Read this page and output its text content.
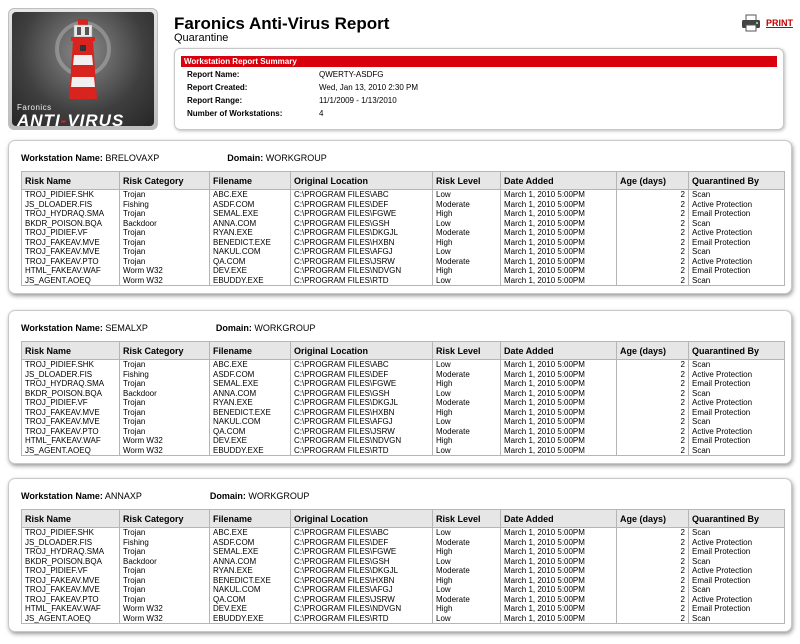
Faronics
ANTI-VIRUS
Faronics Anti-Virus Report
Quarantine
PRINT
Workstation Report Summary
Report Name:	QWERTY-ASDFG
Report Created:	Wed, Jan 13, 2010 2:30 PM
Report Range:	11/1/2009 - 1/13/2010
Number of Workstations:	4
Workstation Name: BRELOVAXP	Domain: WORKGROUP
Risk Name	Risk Category	Filename	Original Location	Risk Level	Date Added	Age (days)	Quarantined By
TROJ_PIDIEF.SHK	Trojan	ABC.EXE	C:\PROGRAM FILES\ABC	Low	March 1, 2010 5:00PM	2	Scan
JS_DLOADER.FIS	Fishing	ASDF.COM	C:\PROGRAM FILES\DEF	Moderate	March 1, 2010 5:00PM	2	Active Protection
TROJ_HYDRAQ.SMA	Trojan	SEMAL.EXE	C:\PROGRAM FILES\FGWE	High	March 1, 2010 5:00PM	2	Email Protection
BKDR_POISON.BQA	Backdoor	ANNA.COM	C:\PROGRAM FILES\GSH	Low	March 1, 2010 5:00PM	2	Scan
TROJ_PIDIEF.VF	Trojan	RYAN.EXE	C:\PROGRAM FILES\DKGJL	Moderate	March 1, 2010 5:00PM	2	Active Protection
TROJ_FAKEAV.MVE	Trojan	BENEDICT.EXE	C:\PROGRAM FILES\HXBN	High	March 1, 2010 5:00PM	2	Email Protection
TROJ_FAKEAV.MVE	Trojan	NAKUL.COM	C:\PROGRAM FILES\AFGJ	Low	March 1, 2010 5:00PM	2	Scan
TROJ_FAKEAV.PTO	Trojan	QA.COM	C:\PROGRAM FILES\JSRW	Moderate	March 1, 2010 5:00PM	2	Active Protection
HTML_FAKEAV.WAF	Worm W32	DEV.EXE	C:\PROGRAM FILES\NDVGN	High	March 1, 2010 5:00PM	2	Email Protection
JS_AGENT.AOEQ	Worm W32	EBUDDY.EXE	C:\PROGRAM FILES\RTD	Low	March 1, 2010 5:00PM	2	Scan
Workstation Name: SEMALXP	Domain: WORKGROUP
Risk Name	Risk Category	Filename	Original Location	Risk Level	Date Added	Age (days)	Quarantined By
TROJ_PIDIEF.SHK	Trojan	ABC.EXE	C:\PROGRAM FILES\ABC	Low	March 1, 2010 5:00PM	2	Scan
JS_DLOADER.FIS	Fishing	ASDF.COM	C:\PROGRAM FILES\DEF	Moderate	March 1, 2010 5:00PM	2	Active Protection
TROJ_HYDRAQ.SMA	Trojan	SEMAL.EXE	C:\PROGRAM FILES\FGWE	High	March 1, 2010 5:00PM	2	Email Protection
BKDR_POISON.BQA	Backdoor	ANNA.COM	C:\PROGRAM FILES\GSH	Low	March 1, 2010 5:00PM	2	Scan
TROJ_PIDIEF.VF	Trojan	RYAN.EXE	C:\PROGRAM FILES\DKGJL	Moderate	March 1, 2010 5:00PM	2	Active Protection
TROJ_FAKEAV.MVE	Trojan	BENEDICT.EXE	C:\PROGRAM FILES\HXBN	High	March 1, 2010 5:00PM	2	Email Protection
TROJ_FAKEAV.MVE	Trojan	NAKUL.COM	C:\PROGRAM FILES\AFGJ	Low	March 1, 2010 5:00PM	2	Scan
TROJ_FAKEAV.PTO	Trojan	QA.COM	C:\PROGRAM FILES\JSRW	Moderate	March 1, 2010 5:00PM	2	Active Protection
HTML_FAKEAV.WAF	Worm W32	DEV.EXE	C:\PROGRAM FILES\NDVGN	High	March 1, 2010 5:00PM	2	Email Protection
JS_AGENT.AOEQ	Worm W32	EBUDDY.EXE	C:\PROGRAM FILES\RTD	Low	March 1, 2010 5:00PM	2	Scan
Workstation Name: ANNAXP	Domain: WORKGROUP
Risk Name	Risk Category	Filename	Original Location	Risk Level	Date Added	Age (days)	Quarantined By
TROJ_PIDIEF.SHK	Trojan	ABC.EXE	C:\PROGRAM FILES\ABC	Low	March 1, 2010 5:00PM	2	Scan
JS_DLOADER.FIS	Fishing	ASDF.COM	C:\PROGRAM FILES\DEF	Moderate	March 1, 2010 5:00PM	2	Active Protection
TROJ_HYDRAQ.SMA	Trojan	SEMAL.EXE	C:\PROGRAM FILES\FGWE	High	March 1, 2010 5:00PM	2	Email Protection
BKDR_POISON.BQA	Backdoor	ANNA.COM	C:\PROGRAM FILES\GSH	Low	March 1, 2010 5:00PM	2	Scan
TROJ_PIDIEF.VF	Trojan	RYAN.EXE	C:\PROGRAM FILES\DKGJL	Moderate	March 1, 2010 5:00PM	2	Active Protection
TROJ_FAKEAV.MVE	Trojan	BENEDICT.EXE	C:\PROGRAM FILES\HXBN	High	March 1, 2010 5:00PM	2	Email Protection
TROJ_FAKEAV.MVE	Trojan	NAKUL.COM	C:\PROGRAM FILES\AFGJ	Low	March 1, 2010 5:00PM	2	Scan
TROJ_FAKEAV.PTO	Trojan	QA.COM	C:\PROGRAM FILES\JSRW	Moderate	March 1, 2010 5:00PM	2	Active Protection
HTML_FAKEAV.WAF	Worm W32	DEV.EXE	C:\PROGRAM FILES\NDVGN	High	March 1, 2010 5:00PM	2	Email Protection
JS_AGENT.AOEQ	Worm W32	EBUDDY.EXE	C:\PROGRAM FILES\RTD	Low	March 1, 2010 5:00PM	2	Scan
